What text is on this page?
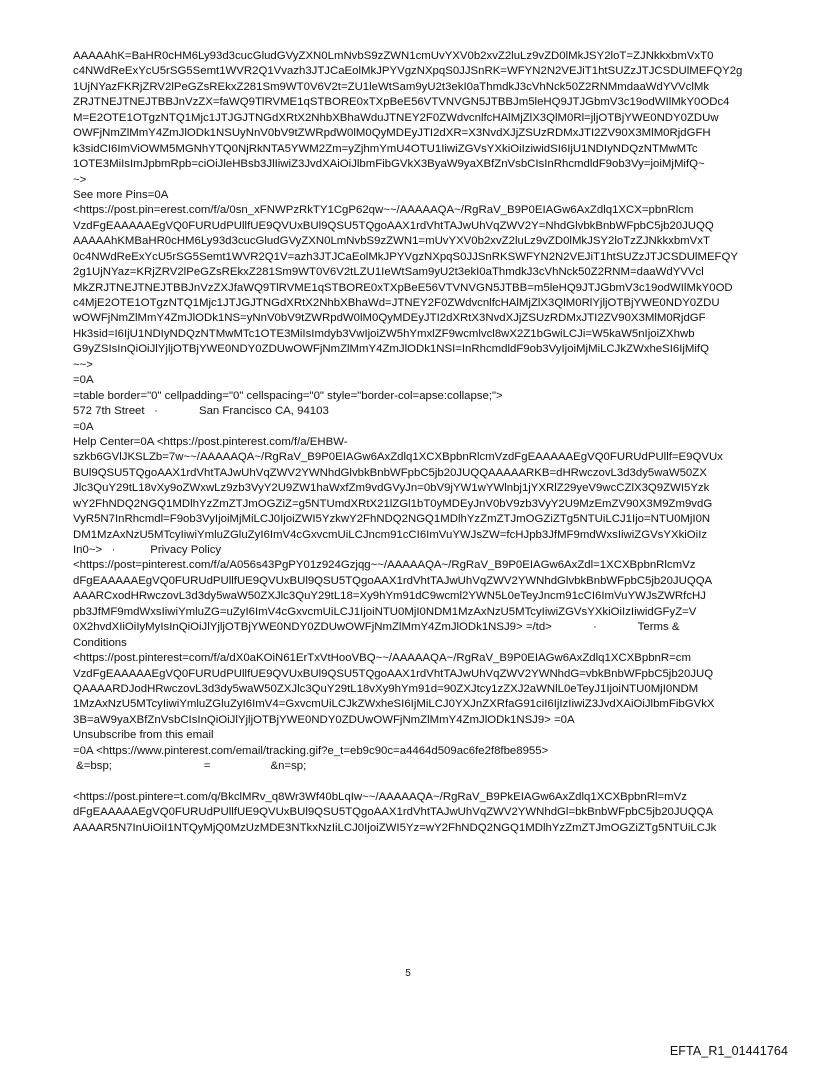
AAAAAhK=BaHR0cHM6Ly93d3cucGludGVyZXN0LmNvbS9zZWN1cmUvYXV0b2xvZ2luLz9vZD0lMkJSY2loT=ZJNkkxbmVxT0
c4NWdReExYcU5rSG5Semt1WVR2Q1Vvazh3JTJCaEolMkJPYVgzNXpqS0JJSnRK=WFYN2N2VEJiT1htSUZzJTJCSDUlMEFQY2g
1UjNYazFKRjZRV2lPeGZsREkxZ281Sm9WT0V6V2t=ZU1leWtSam9yU2t3ekI0aThmdkJ3cVhNck50Z2RNMmdaaWdYVVclMk
ZRJTNEJTNEJTBBJnVzZX=faWQ9TlRVME1qSTBORE0xTXpBeE56VTVNVGN5JTBBJm5leHQ9JTJGbmV3c19odWIlMkY0ODc4
M=E2OTE1OTgzNTQ1Mjc1JTJGJTNGdXRtX2NhbXBhaWduJTNEY2F0ZWdvcnlfcHAlMjZlX3QlM0Rl=jljOTBjYWE0NDY0ZDUw
OWFjNmZlMmY4ZmJlODk1NSUyNnV0bV9tZWRpdW0lM0QyMDEyJTI2dXR=X3NvdXJjZSUzRDMxJTI2ZV90X3MlM0RjdGFH
k3sidCI6ImViOWM5MGNhYTQ0NjRkNTA5YWM2Zm=yZjhmYmU4OTU1IiwiZGVsYXkiOiIziwidSI6IjU1NDIyNDQzNTMwMTc
1OTE3MiIsImJpbmRpb=ciOiJleHBsb3JlIiwiZ3JvdXAiOiJlbmFibGVkX3ByaW9yaXBfZnVsbCIsInRhcmdldF9ob3Vy=joiMjMifQ~
~>
See more Pins=0A
<https://post.pin=erest.com/f/a/0sn_xFNWPzRkTY1CgP62qw~~/AAAAAQA~/RgRaV_B9P0EIAGw6AxZdlq1XCX=pbnRlcm
VzdFgEAAAAAEgVQ0FURUdPUllfUE9QVUxBUl9QSU5TQgoAAX1rdVhtTAJwUhVqZWV2Y=NhdGlvbkBnbWFpbC5jb20JUQQ
AAAAAhKMBaHR0cHM6Ly93d3cucGludGVyZXN0LmNvbS9zZWN1=mUvYXV0b2xvZ2luLz9vZD0lMkJSY2loTzZJNkkxbmVxT
0c4NWdReExYcU5rSG5Semt1WVR2Q1V=azh3JTJCaEolMkJPYVgzNXpqS0JJSnRKSWFYN2N2VEJiT1htSUZzJTJCSDUlMEFQY
2g1UjNYaz=KRjZRV2lPeGZsREkxZ281Sm9WT0V6V2tLZU1IeWtSam9yU2t3ekI0aThmdkJ3cVhNck50Z2RNM=daaWdYVVcl
MkZRJTNEJTNEJTBBJnVzZXJfaWQ9TlRVME1qSTBORE0xTXpBeE56VTVNVGN5JTBB=m5leHQ9JTJGbmV3c19odWIlMkY0OD
c4MjE2OTE1OTgzNTQ1Mjc1JTJGJTNGdXRtX2NhbXBhaWd=JTNEY2F0ZWdvcnlfcHAlMjZlX3QlM0RlYjljOTBjYWE0NDY0ZDU
wOWFjNmZlMmY4ZmJlODk1NS=yNnV0bV9tZWRpdW0lM0QyMDEyJTI2dXRtX3NvdXJjZSUzRDMxJTI2ZV90X3MlM0RjdGF
Hk3sid=I6IjU1NDIyNDQzNTMwMTc1OTE3MiIsImdyb3VwIjoiZW5hYmxlZF9wcmlvcl8wX2Z1bGwiLCJi=W5kaW5nIjoiZXhwb
G9yZSIsInQiOiJlYjljOTBjYWE0NDY0ZDUwOWFjNmZlMmY4ZmJlODk1NSI=InRhcmdldF9ob3VyIjoiMjMiLCJkZWxheSI6IjMifQ
~~>
=0A
=table border="0" cellpadding="0" cellspacing="0" style="border-col=apse:collapse;">
572 7th Street   ·             San Francisco CA, 94103
=0A
Help Center=0A <https://post.pinterest.com/f/a/EHBW-
szkb6GVlJKSLZb=7w~~/AAAAAQA~/RgRaV_B9P0EIAGw6AxZdlq1XCXBpbnRlcmVzdFgEAAAAAEgVQ0FURUdPUllf=E9QVUx
BUl9QSU5TQgoAAX1rdVhtTAJwUhVqZWV2YWNhdGlvbkBnbWFpbC5jb20JUQQAAAAARKB=dHRwczovL3d3dy5waW50ZX
Jlc3QuY29tL18vXy9oZWxwLz9zb3VyY2U9ZW1haWxfZm9vdGVyJn=0bV9jYW1wYWlnbj1jYXRlZ29yeV9wcCZlX3Q9ZWI5Yzk
wY2FhNDQ2NGQ1MDlhYzZmZTJmOGZiZ=g5NTUmdXRtX21lZGl1bT0yMDEyJnV0bV9zb3VyY2U9MzEmZV90X3M9Zm9vdG
VyR5N7InRhcmdl=F9ob3VyIjoiMjMiLCJ0IjoiZWI5YzkwY2FhNDQ2NGQ1MDlhYzZmZTJmOGZiZTg5NTUiLCJ1Ijo=NTU0MjI0N
DM1MzAxNzU5MTcyIiwiYmluZGluZyI6ImV4cGxvcmUiLCJncm91cCI6ImVuYWJsZW=fcHJpb3JfMF9mdWxsIiwiZGVsYXkiOiIz
In0~>   ·           Privacy Policy
<https://post=pinterest.com/f/a/A056s43PgPY01z924Gzjqg~~/AAAAAQA~/RgRaV_B9P0EIAGw6AxZdl=1XCXBpbnRlcmVz
dFgEAAAAAEgVQ0FURUdPUllfUE9QVUxBUl9QSU5TQgoAAX1rdVhtTAJwUhVqZWV2YWNhdGlvbkBnbWFpbC5jb20JUQQA
AAARCxodHRwczovL3d3dy5waW50ZXJlc3QuY29tL18=Xy9hYm91dC9wcml2YWN5L0eTeyJncm91cCI6ImVuYWJsZWRfcHJ
pb3JfMF9mdWxsIiwiYmluZG=uZyI6ImV4cGxvcmUiLCJ1IjoiNTU0MjI0NDM1MzAxNzU5MTcyIiwiZGVsYXkiOiIzIiwidGFyZ=V
0X2hvdXIiOiIyMyIsInQiOiJlYjljOTBjYWE0NDY0ZDUwOWFjNmZlMmY4ZmJlODk1NSJ9> =/td>             ·             Terms &
Conditions
<https://post.pinterest=com/f/a/dX0aKOiN61ErTxVtHooVBQ~~/AAAAAQA~/RgRaV_B9P0EIAGw6AxZdlq1XCXBpbnR=cm
VzdFgEAAAAAEgVQ0FURUdPUllfUE9QVUxBUl9QSU5TQgoAAX1rdVhtTAJwUhVqZWV2YWNhdG=vbkBnbWFpbC5jb20JUQ
QAAAARDJodHRwczovL3d3dy5waW50ZXJlc3QuY29tL18vXy9hYm91d=90ZXJtcy1zZXJ2aWNlL0eTeyJ1IjoiNTU0MjI0NDM
1MzAxNzU5MTcyIiwiYmluZGluZyI6ImV4=GxvcmUiLCJkZWxheSI6IjMiLCJ0YXJnZXRfaG91ciI6IjIzIiwiZ3JvdXAiOiJlbmFibGVkX
3B=aW9yaXBfZnVsbCIsInQiOiJlYjljOTBjYWE0NDY0ZDUwOWFjNmZlMmY4ZmJlODk1NSJ9> =0A
Unsubscribe from this email
=0A <https://www.pinterest.com/email/tracking.gif?e_t=eb9c90c=a4464d509ac6fe2f8fbe8955>
&=bsp;                             =                   &n=sp;
<https://post.pintere=t.com/q/BkclMRv_q8Wr3Wf40bLqIw~~/AAAAAQA~/RgRaV_B9PkEIAGw6AxZdlq1XCXBpbnRl=mVz
dFgEAAAAAEgVQ0FURUdPUllfUE9QVUxBUl9QSU5TQgoAAX1rdVhtTAJwUhVqZWV2YWNhdGl=bkBnbWFpbC5jb20JUQQA
AAAAR5N7InUiOiI1NTQyMjQ0MzUzMDE3NTkxNzIiLCJ0IjoiZWI5Yz=wY2FhNDQ2NGQ1MDlhYzZmZTJmOGZiZTg5NTUiLCJk
5
EFTA_R1_01441764
